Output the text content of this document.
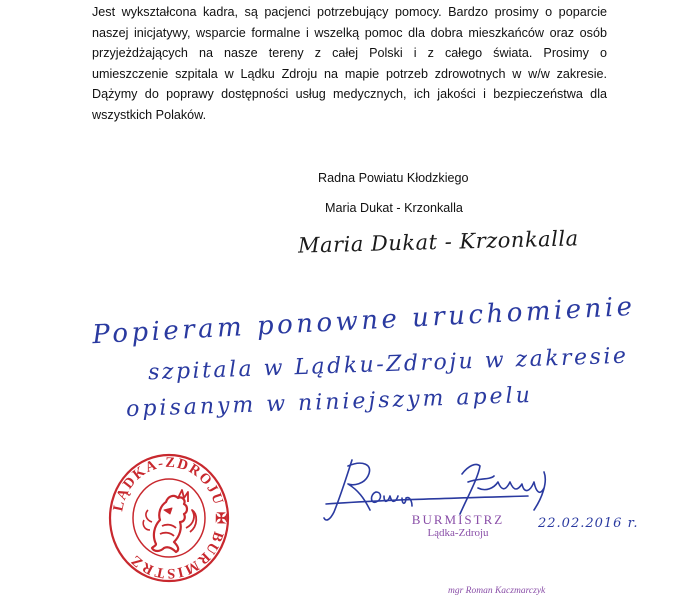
Jest wykształcona kadra, są pacjenci potrzebujący pomocy. Bardzo prosimy o poparcie
naszej inicjatywy, wsparcie formalne i wszelką pomoc dla dobra mieszkańców oraz osób
przyjeżdżających na nasze tereny z całej Polski i z całego świata. Prosimy o
umieszczenie szpitala w Lądku Zdroju na mapie potrzeb zdrowotnych w w/w zakresie.
Dążymy do poprawy dostępności usług medycznych, ich jakości i bezpieczeństwa dla
wszystkich Polaków.
Radna Powiatu Kłodzkiego
Maria Dukat - Krzonkalla
Maria Dukat - Krzonkalla
Popieram ponowne uruchomienie
szpitala w Lądku-Zdroju w zakresie
opisanym w niniejszym apelu
LĄDKA-ZDROJU ✠ BURMISTRZ
BURMISTRZ
Lądka-Zdroju
22.02.2016 r.
mgr Roman Kaczmarczyk
